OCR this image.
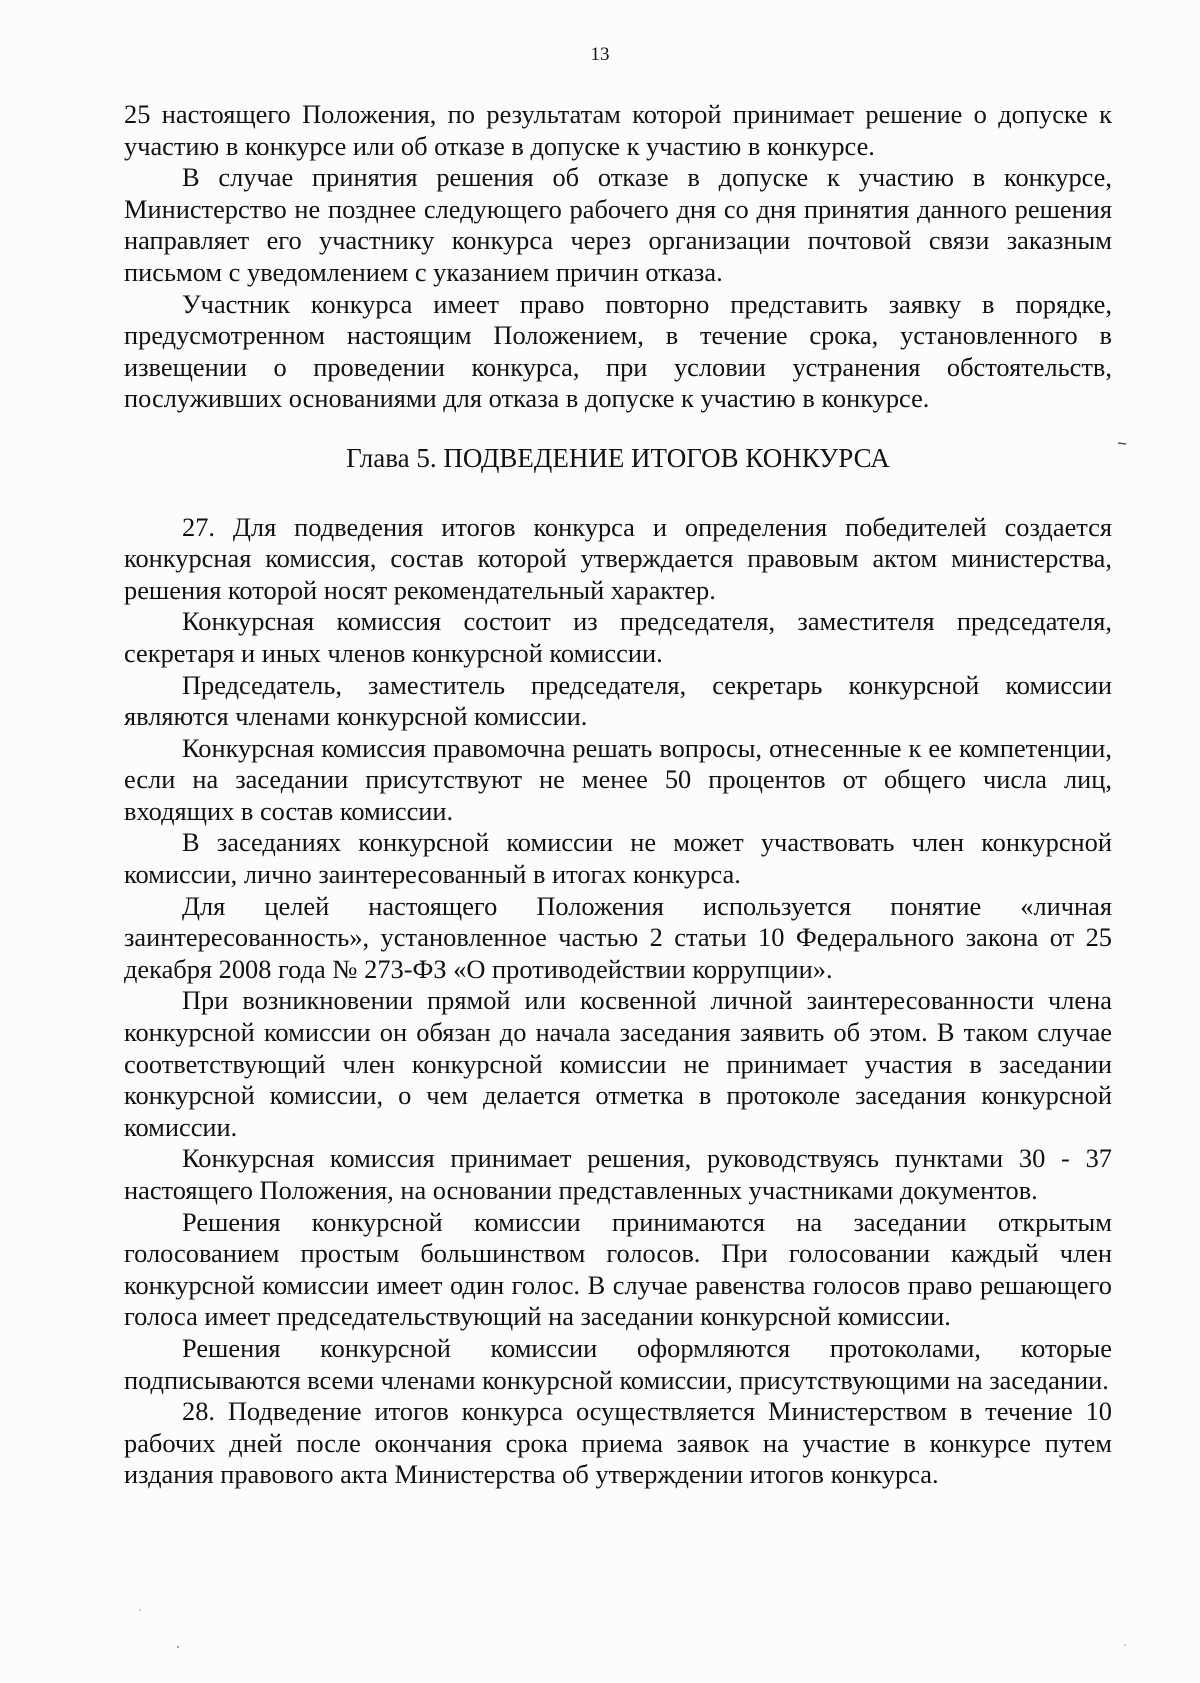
13

25 настоящего Положения, по результатам которой принимает решение о допуске к участию в конкурсе или об отказе в допуске к участию в конкурсе.

В случае принятия решения об отказе в допуске к участию в конкурсе, Министерство не позднее следующего рабочего дня со дня принятия данного решения направляет его участнику конкурса через организации почтовой связи заказным письмом с уведомлением с указанием причин отказа.

Участник конкурса имеет право повторно представить заявку в порядке, предусмотренном настоящим Положением, в течение срока, установленного в извещении о проведении конкурса, при условии устранения обстоятельств, послуживших основаниями для отказа в допуске к участию в конкурсе.

Глава 5. ПОДВЕДЕНИЕ ИТОГОВ КОНКУРСА

27. Для подведения итогов конкурса и определения победителей создается конкурсная комиссия, состав которой утверждается правовым актом министерства, решения которой носят рекомендательный характер.

Конкурсная комиссия состоит из председателя, заместителя председателя, секретаря и иных членов конкурсной комиссии.

Председатель, заместитель председателя, секретарь конкурсной комиссии являются членами конкурсной комиссии.

Конкурсная комиссия правомочна решать вопросы, отнесенные к ее компетенции, если на заседании присутствуют не менее 50 процентов от общего числа лиц, входящих в состав комиссии.

В заседаниях конкурсной комиссии не может участвовать член конкурсной комиссии, лично заинтересованный в итогах конкурса.

Для целей настоящего Положения используется понятие «личная заинтересованность», установленное частью 2 статьи 10 Федерального закона от 25 декабря 2008 года № 273-ФЗ «О противодействии коррупции».

При возникновении прямой или косвенной личной заинтересованности члена конкурсной комиссии он обязан до начала заседания заявить об этом. В таком случае соответствующий член конкурсной комиссии не принимает участия в заседании конкурсной комиссии, о чем делается отметка в протоколе заседания конкурсной комиссии.

Конкурсная комиссия принимает решения, руководствуясь пунктами 30 - 37 настоящего Положения, на основании представленных участниками документов.

Решения конкурсной комиссии принимаются на заседании открытым голосованием простым большинством голосов. При голосовании каждый член конкурсной комиссии имеет один голос. В случае равенства голосов право решающего голоса имеет председательствующий на заседании конкурсной комиссии.

Решения конкурсной комиссии оформляются протоколами, которые подписываются всеми членами конкурсной комиссии, присутствующими на заседании.

28. Подведение итогов конкурса осуществляется Министерством в течение 10 рабочих дней после окончания срока приема заявок на участие в конкурсе путем издания правового акта Министерства об утверждении итогов конкурса.
